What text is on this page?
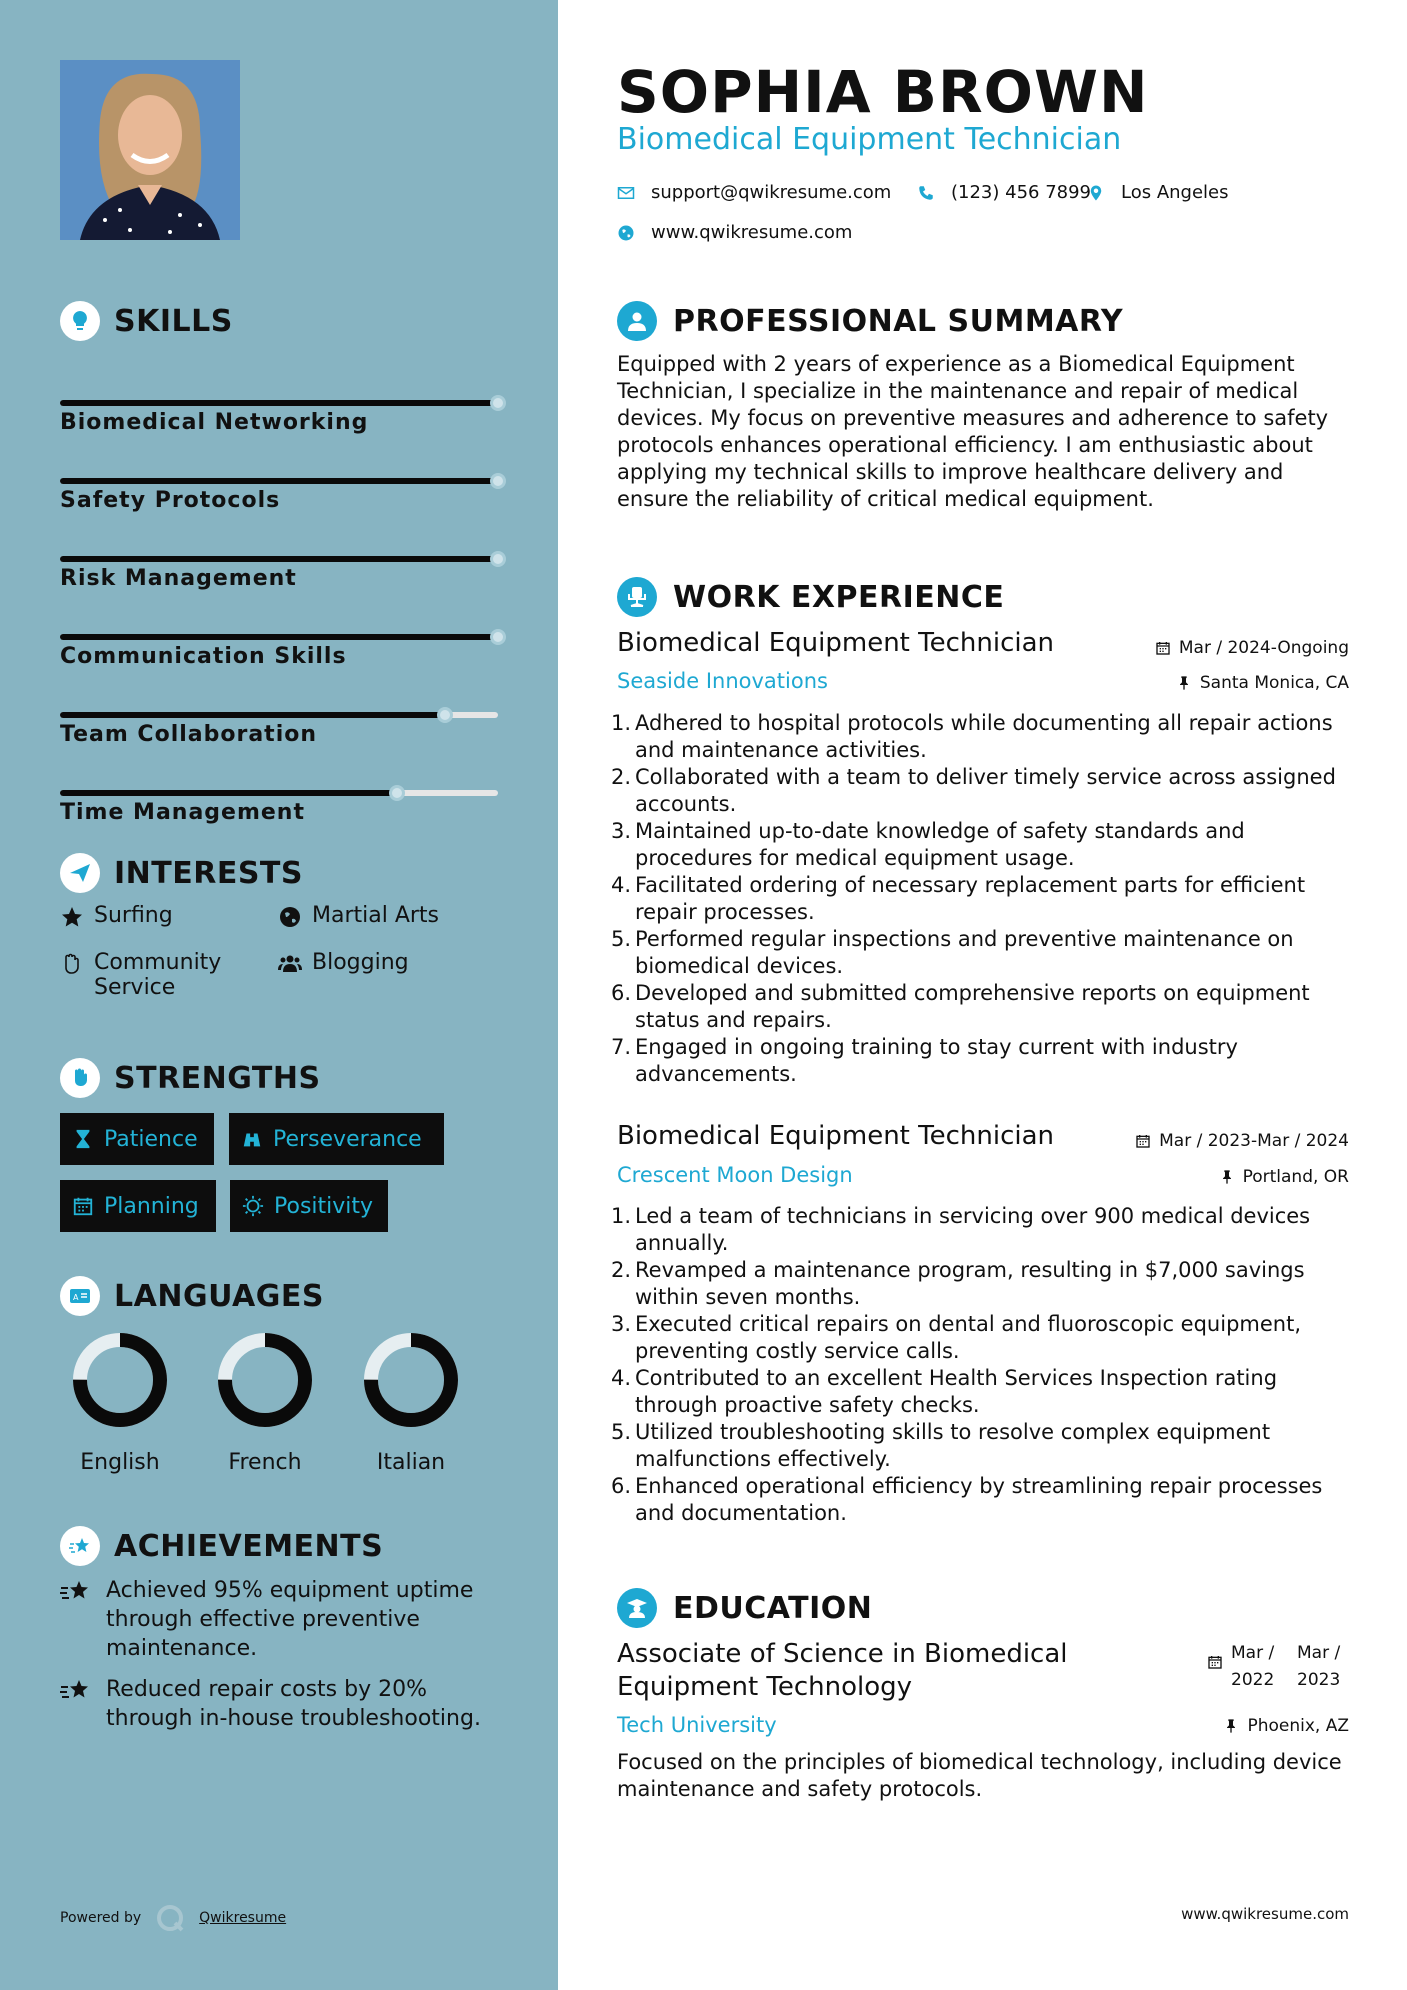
SKILLS
Biomedical Networking
Safety Protocols
Risk Management
Communication Skills
Team Collaboration
Time Management
INTERESTS
Surfing	Martial Arts
Community Service
Blogging
STRENGTHS
Patience	Perseverance
Planning	Positivity
A LANGUAGES
English	French	Italian
ACHIEVEMENTS
Achieved 95% equipment uptime through effective preventive maintenance.
Reduced repair costs by 20% through in-house troubleshooting.
Powered by	Qwikresume
SOPHIA BROWN
Biomedical Equipment Technician
support@qwikresume.com	(123) 456 7899 Los Angeles
www.qwikresume.com
PROFESSIONAL SUMMARY
Equipped with 2 years of experience as a Biomedical Equipment Technician, I specialize in the maintenance and repair of medical devices. My focus on preventive measures and adherence to safety protocols enhances operational efficiency. I am enthusiastic about applying my technical skills to improve healthcare delivery and ensure the reliability of critical medical equipment.
WORK EXPERIENCE
Biomedical Equipment Technician	Mar / 2024-Ongoing
Seaside Innovations	Santa Monica, CA
1. Adhered to hospital protocols while documenting all repair actions and maintenance activities.
2. Collaborated with a team to deliver timely service across assigned accounts.
3. Maintained up-to-date knowledge of safety standards and procedures for medical equipment usage.
4. Facilitated ordering of necessary replacement parts for efficient repair processes.
5. Performed regular inspections and preventive maintenance on biomedical devices.
6. Developed and submitted comprehensive reports on equipment status and repairs.
7. Engaged in ongoing training to stay current with industry advancements.
Biomedical Equipment Technician	Mar / 2023-Mar / 2024
Crescent Moon Design	Portland, OR
1. Led a team of technicians in servicing over 900 medical devices annually.
2. Revamped a maintenance program, resulting in $7,000 savings within seven months.
3. Executed critical repairs on dental and fluoroscopic equipment, preventing costly service calls.
4. Contributed to an excellent Health Services Inspection rating through proactive safety checks.
5. Utilized troubleshooting skills to resolve complex equipment malfunctions effectively.
6. Enhanced operational efficiency by streamlining repair processes and documentation.
EDUCATION
Associate of Science in Biomedical Equipment Technology
Mar / 2022
Mar / 2023
Tech University	Phoenix, AZ
Focused on the principles of biomedical technology, including device maintenance and safety protocols.
www.qwikresume.com
